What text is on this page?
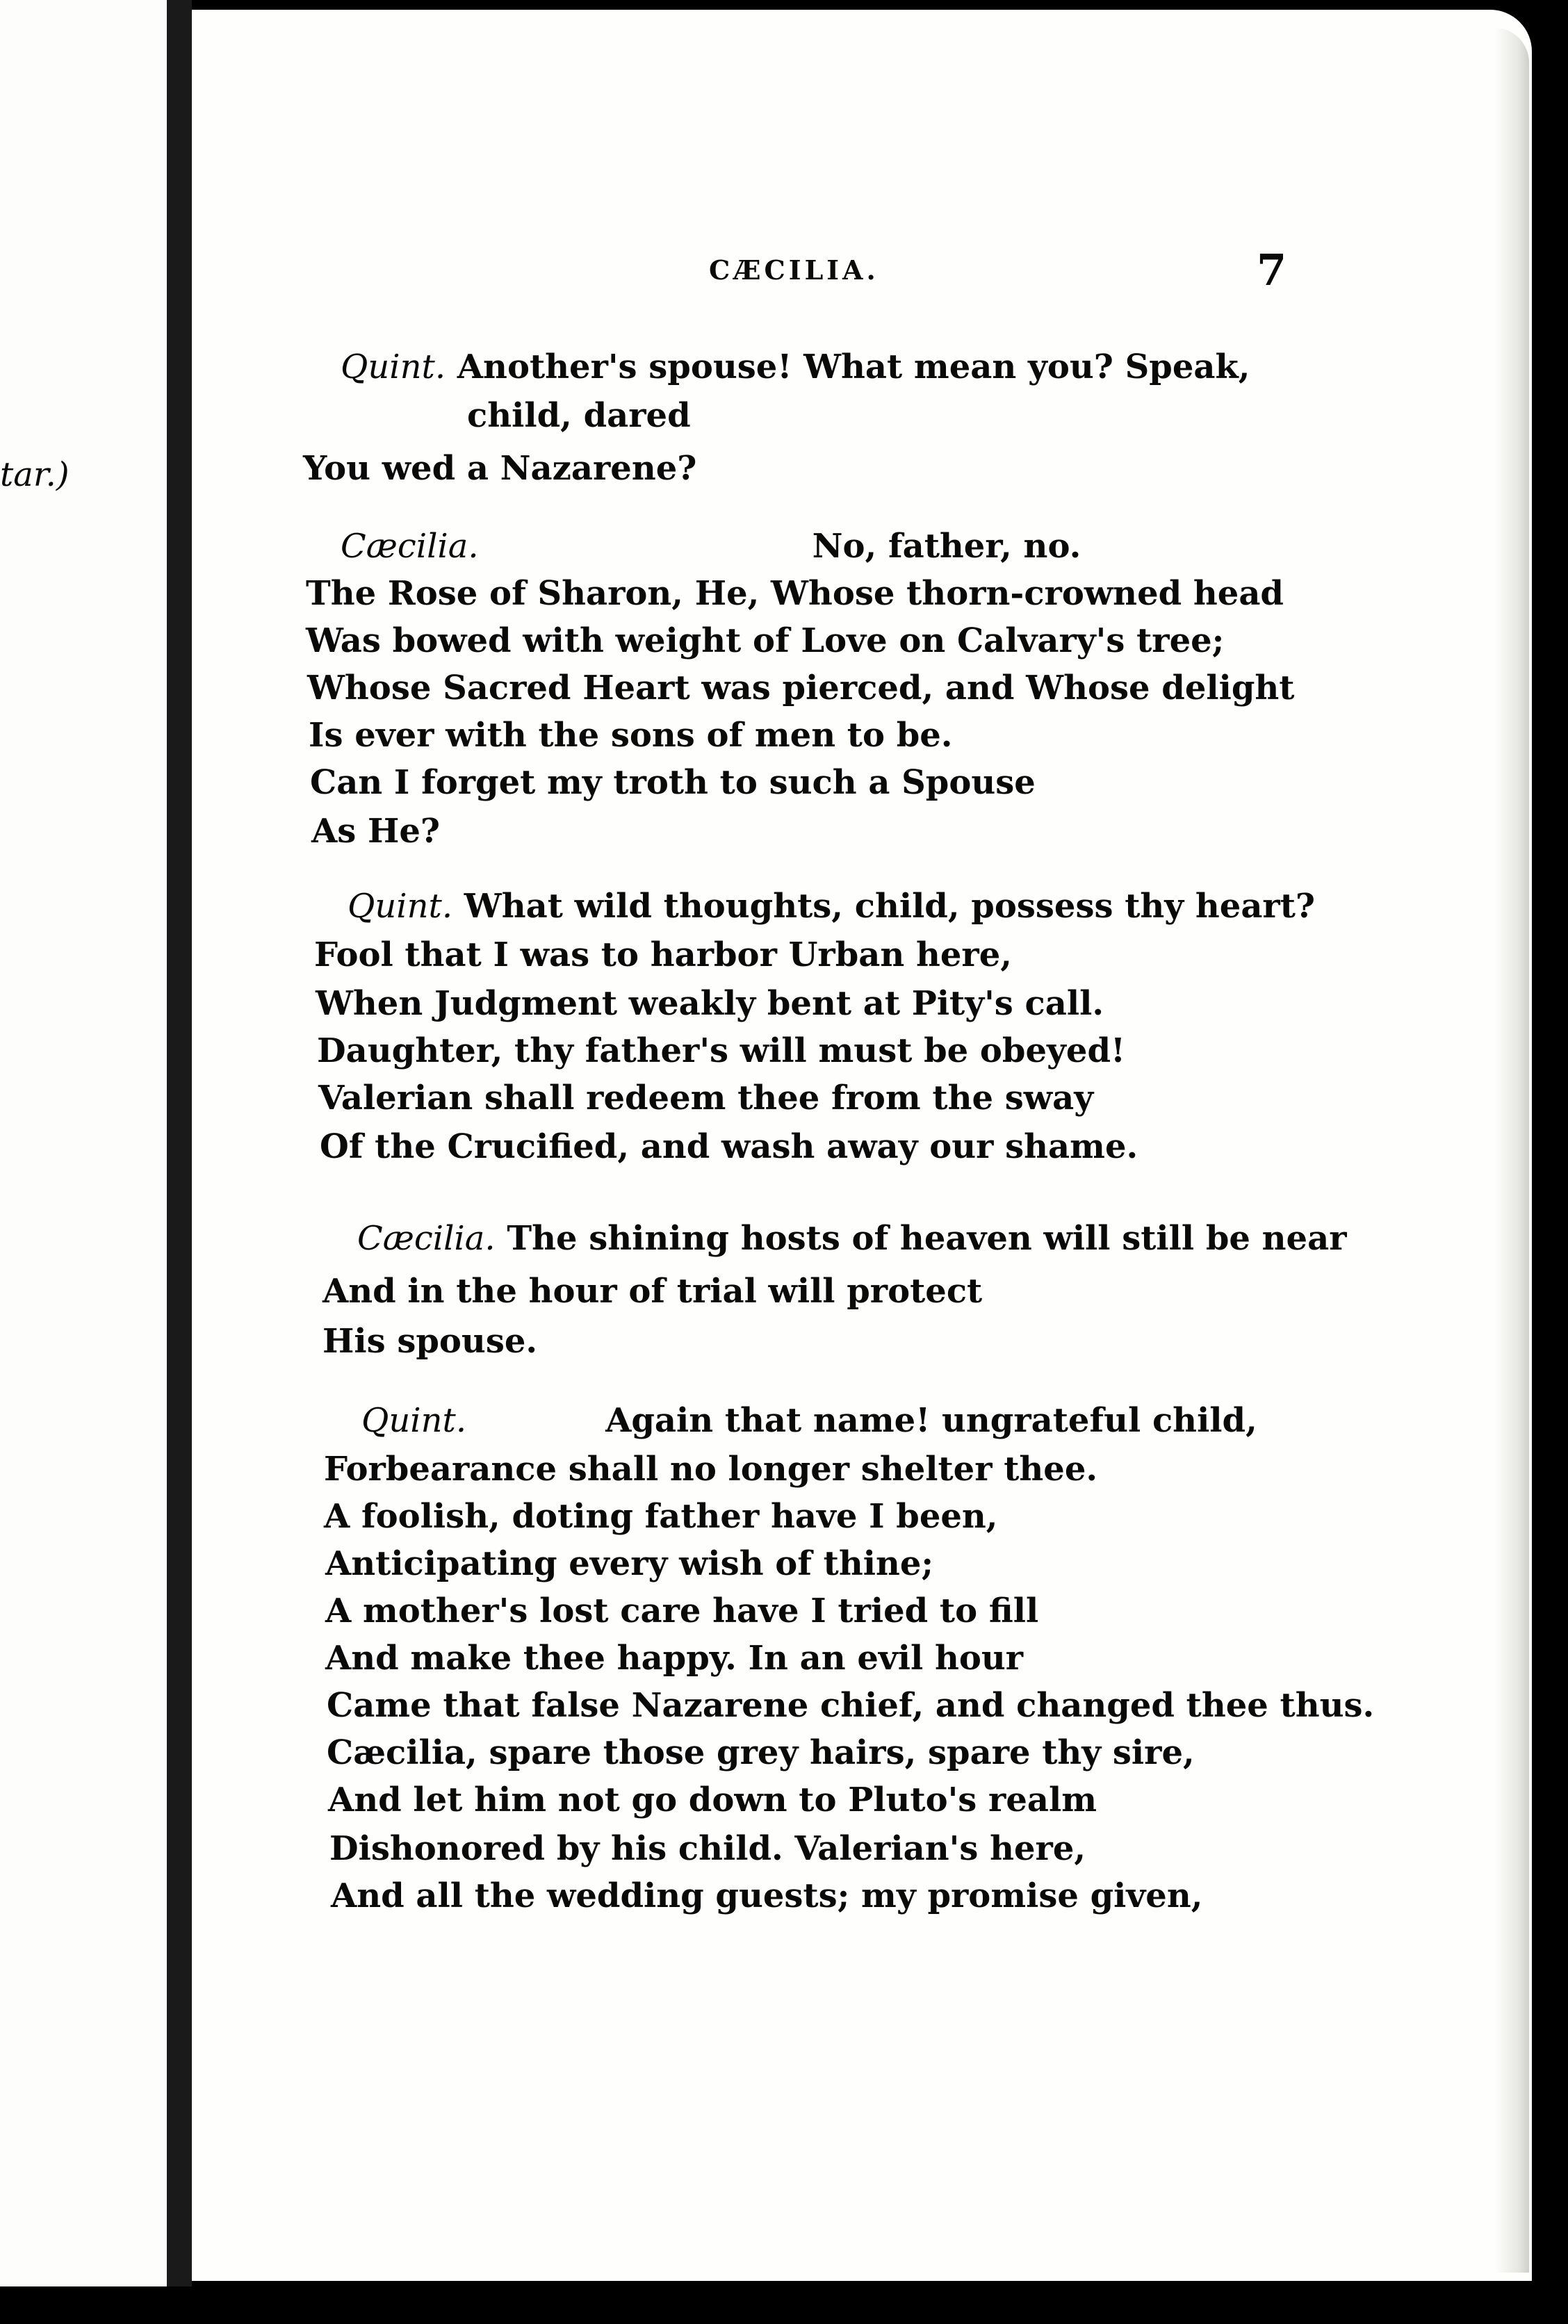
tar.)
CÆCILIA.	7
Quint. Another's spouse! What mean you? Speak,
child, dared
You wed a Nazarene?
Cæcilia.	No, father, no.
The Rose of Sharon, He, Whose thorn-crowned head
Was bowed with weight of Love on Calvary's tree;
Whose Sacred Heart was pierced, and Whose delight
Is ever with the sons of men to be.
Can I forget my troth to such a Spouse
As He?
Quint. What wild thoughts, child, possess thy heart?
Fool that I was to harbor Urban here,
When Judgment weakly bent at Pity's call.
Daughter, thy father's will must be obeyed!
Valerian shall redeem thee from the sway
Of the Crucified, and wash away our shame.
Cæcilia. The shining hosts of heaven will still be near
And in the hour of trial will protect
His spouse.
Quint.	Again that name! ungrateful child,
Forbearance shall no longer shelter thee.
A foolish, doting father have I been,
Anticipating every wish of thine;
A mother's lost care have I tried to fill
And make thee happy. In an evil hour
Came that false Nazarene chief, and changed thee thus.
Cæcilia, spare those grey hairs, spare thy sire,
And let him not go down to Pluto's realm
Dishonored by his child. Valerian's here,
And all the wedding guests; my promise given,
